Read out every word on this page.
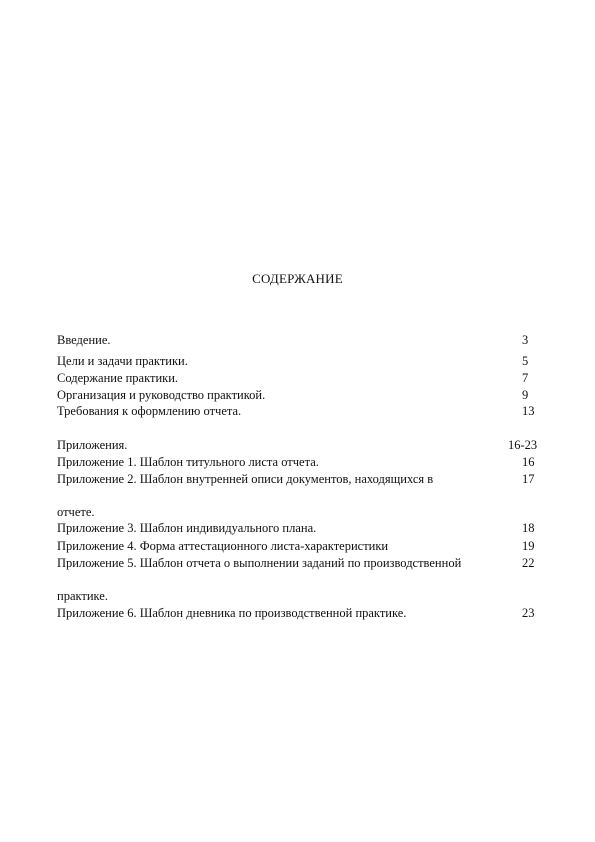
СОДЕРЖАНИЕ
Введение.	3
Цели и задачи практики.	5
Содержание практики.	7
Организация и руководство практикой.	9
Требования к оформлению отчета.	13
Приложения.	16-23
Приложение 1. Шаблон титульного листа отчета.	16
Приложение 2. Шаблон внутренней описи документов, находящихся в	17
отчете.
Приложение 3. Шаблон индивидуального плана.	18
Приложение 4. Форма аттестационного листа-характеристики	19
Приложение 5. Шаблон отчета о выполнении заданий по производственной	22
практике.
Приложение 6. Шаблон дневника по производственной практике.	23
